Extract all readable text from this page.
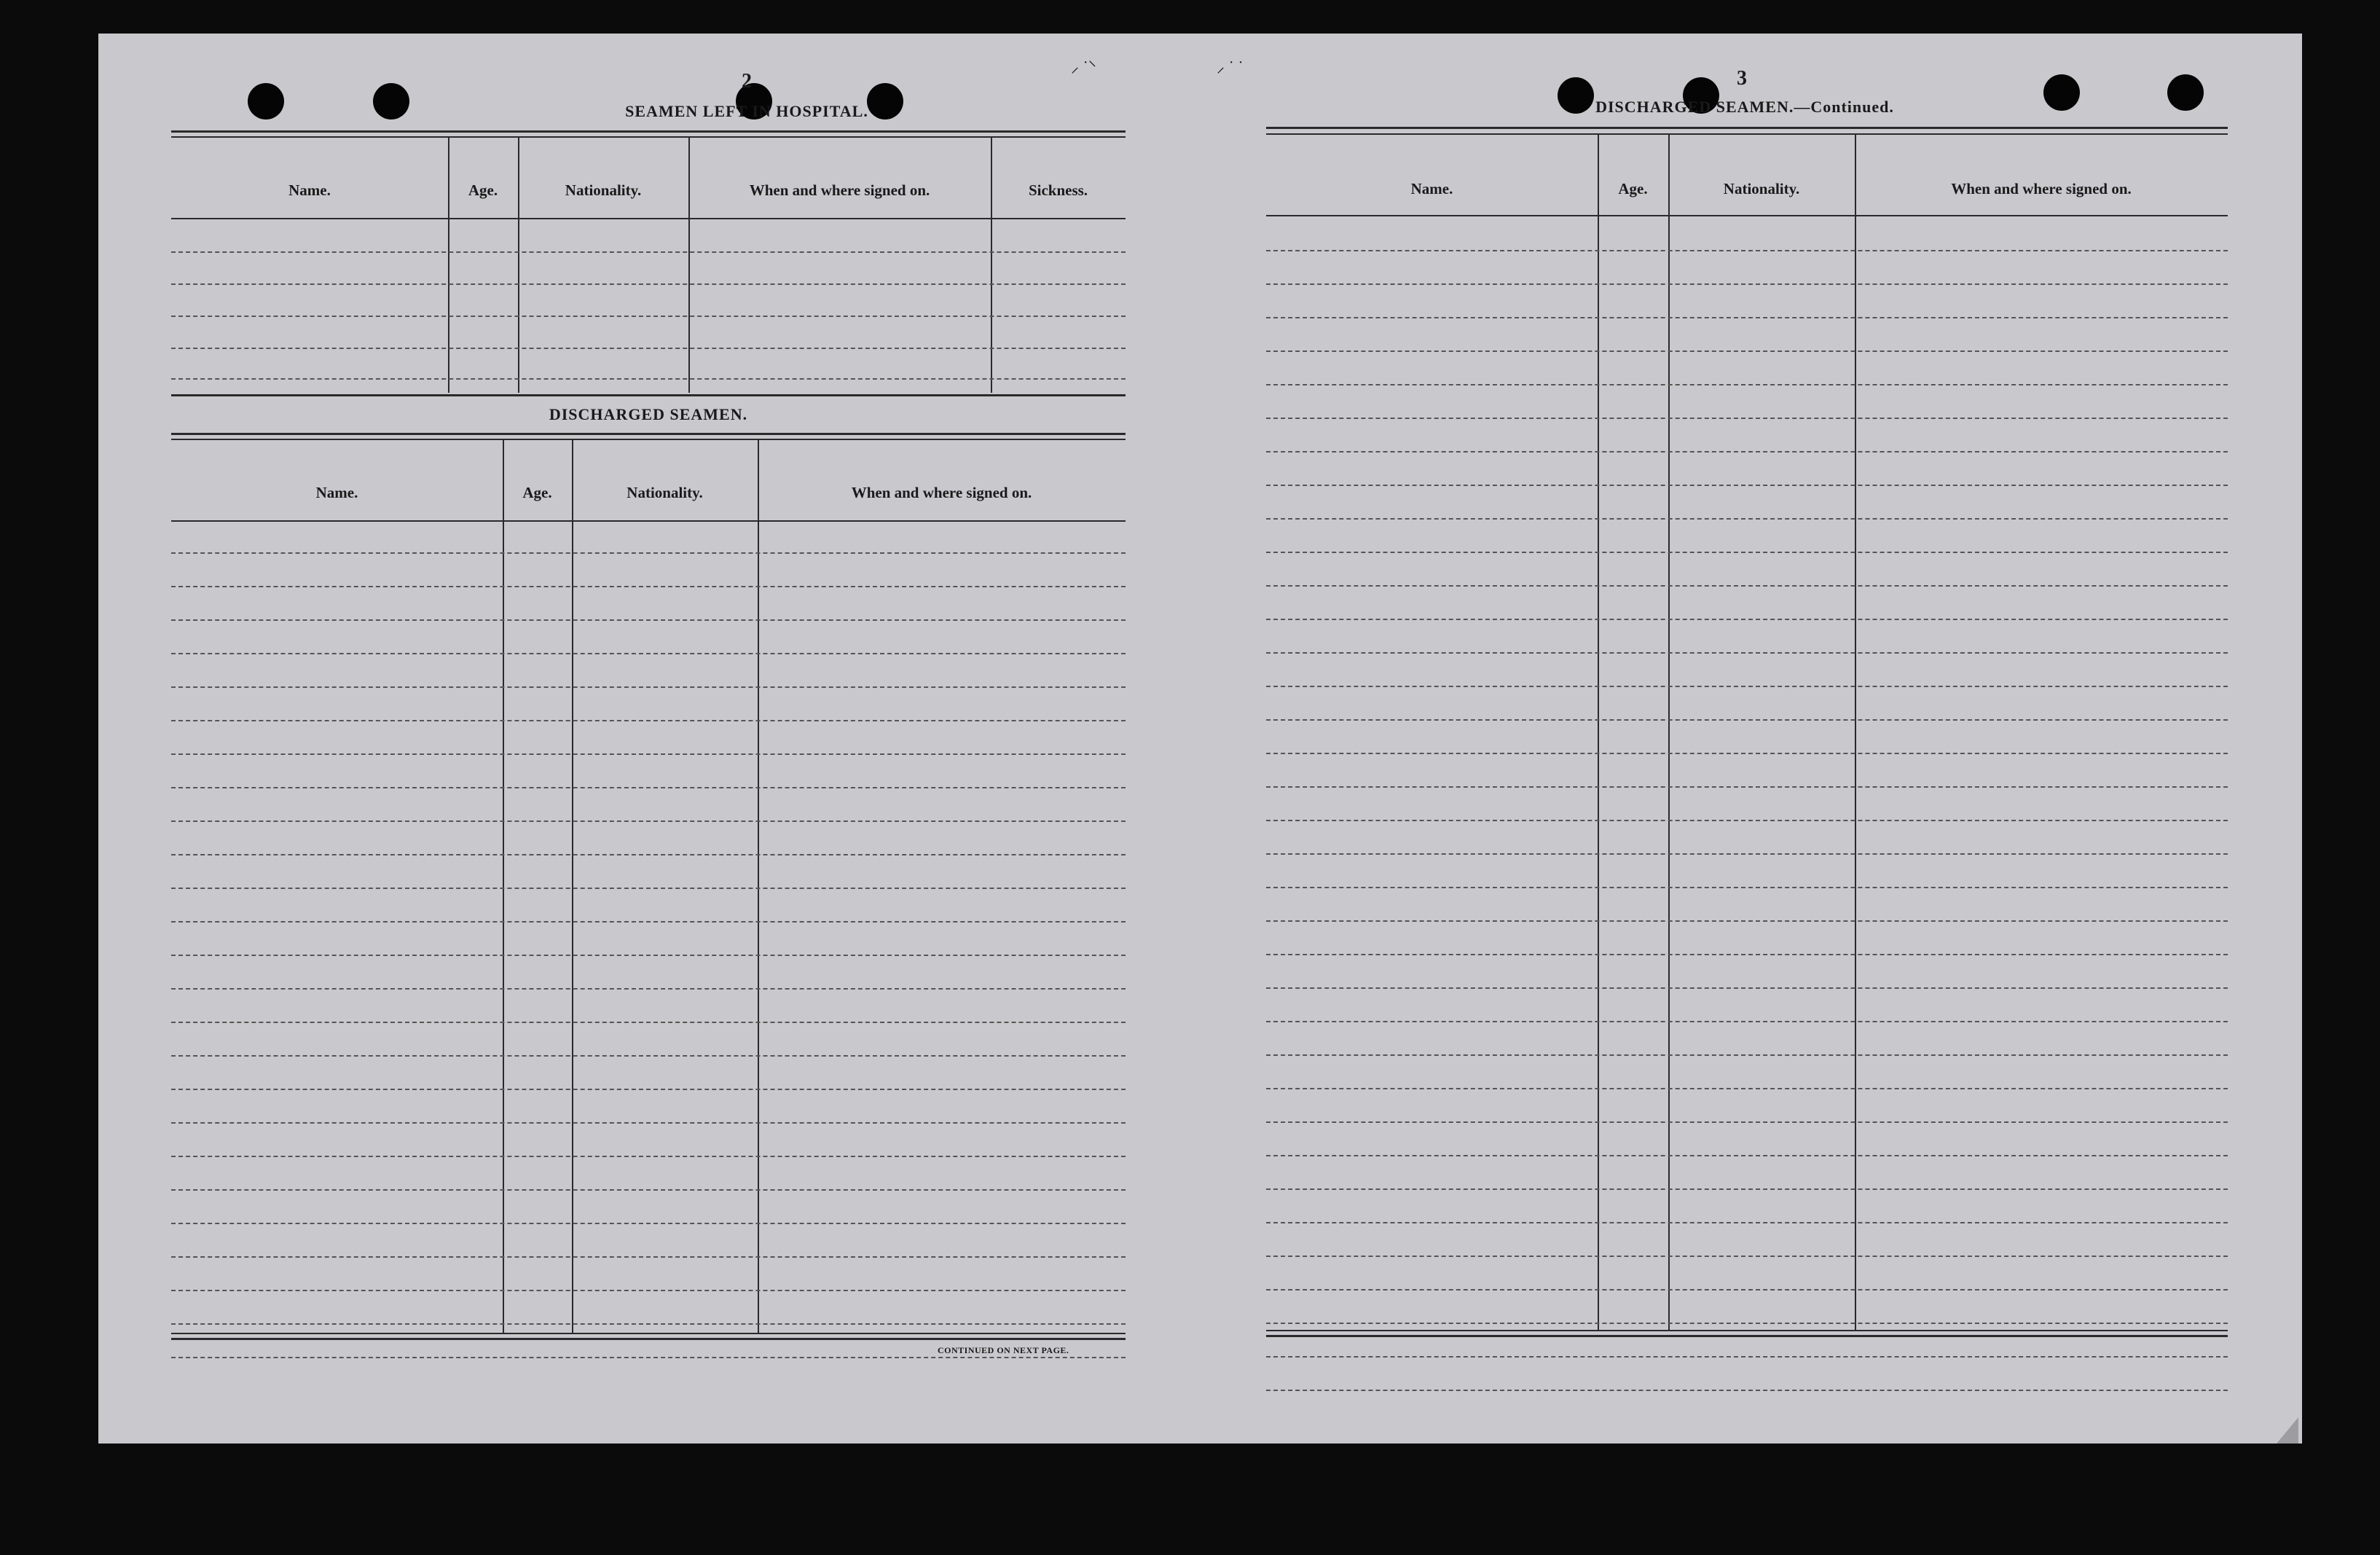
⸝ ˙⸌	⸝ ˙ ˙
2
SEAMEN LEFT IN HOSPITAL.
Name.	Age.	Nationality.	When and where signed on.	Sickness.
DISCHARGED SEAMEN.
Name.	Age.	Nationality.	When and where signed on.
CONTINUED ON NEXT PAGE.
3
DISCHARGED SEAMEN.—Continued.
Name.	Age.	Nationality.	When and where signed on.
